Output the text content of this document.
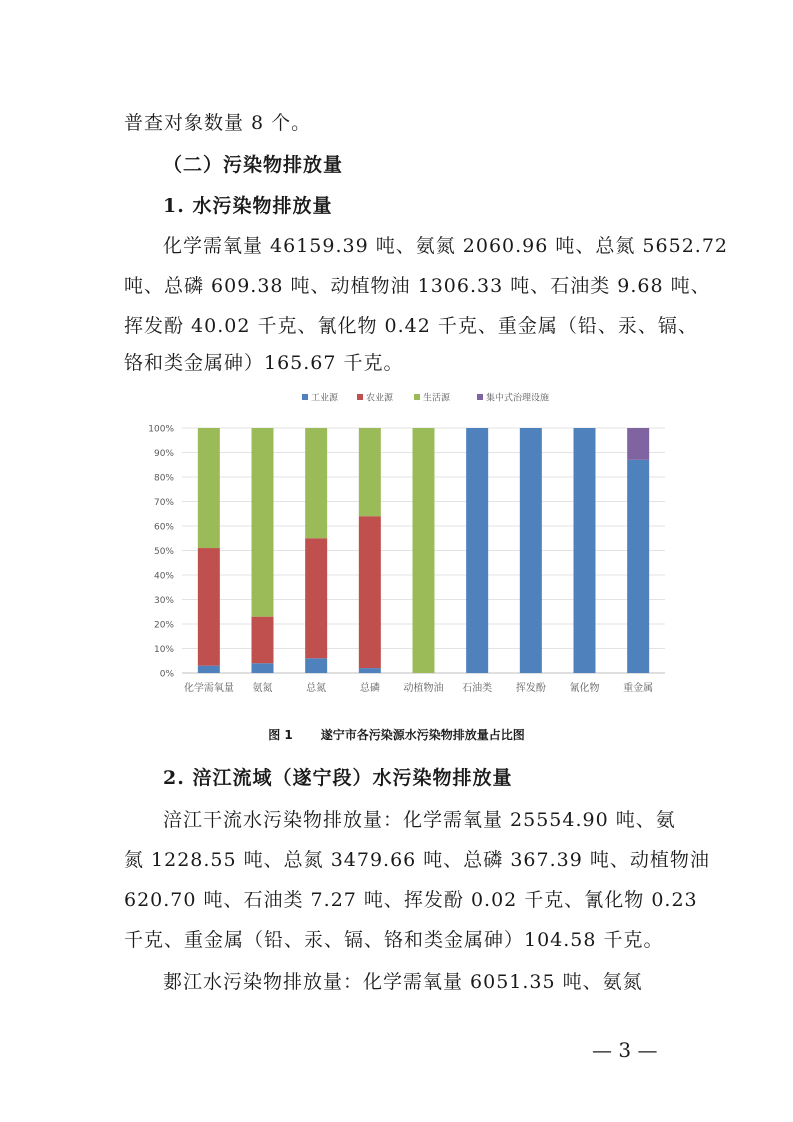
普查对象数量 8 个。
（二）污染物排放量
1. 水污染物排放量
化学需氧量 46159.39 吨、氨氮 2060.96 吨、总氮 5652.72
吨、总磷 609.38 吨、动植物油 1306.33 吨、石油类 9.68 吨、
挥发酚 40.02 千克、氰化物 0.42 千克、重金属（铅、汞、镉、
铬和类金属砷）165.67 千克。
0%
10%
20%
30%
40%
50%
60%
70%
80%
90%
100%
化学需氧量 氨氮	总氮	总磷 动植物油 石油类 挥发酚 氰化物 重金属
工业源	农业源	生活源	集中式治理设施
图 1 遂宁市各污染源水污染物排放量占比图
2. 涪江流域（遂宁段）水污染物排放量
涪江干流水污染物排放量：化学需氧量 25554.90 吨、氨
氮 1228.55 吨、总氮 3479.66 吨、总磷 367.39 吨、动植物油
620.70 吨、石油类 7.27 吨、挥发酚 0.02 千克、氰化物 0.23
千克、重金属（铅、汞、镉、铬和类金属砷）104.58 千克。
郪江水污染物排放量：化学需氧量 6051.35 吨、氨氮
— 3 —
